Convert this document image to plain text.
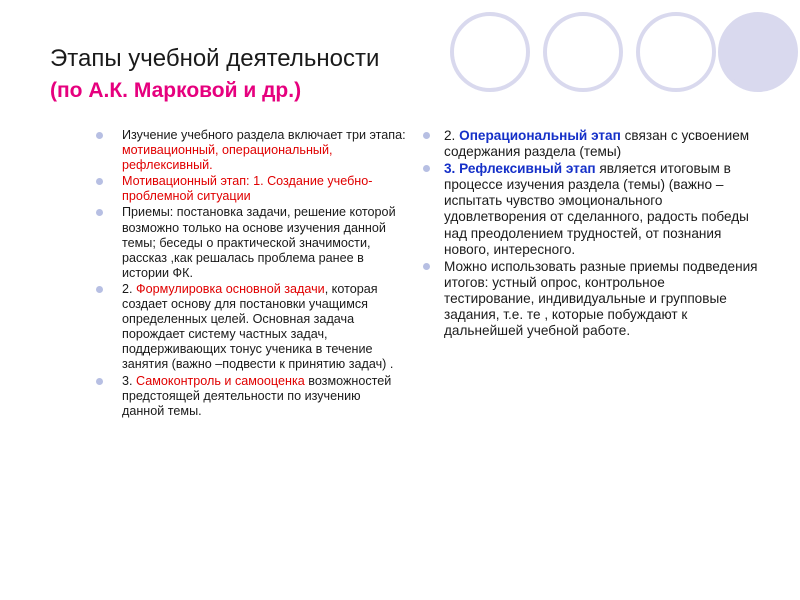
Этапы учебной деятельности
(по А.К. Марковой и др.)
Изучение учебного раздела включает три этапа: мотивационный, операциональный, рефлексивный.
Мотивационный этап: 1. Создание учебно-проблемной ситуации
Приемы: постановка задачи, решение которой возможно только на основе изучения данной темы; беседы о практической значимости, рассказ ,как решалась проблема ранее в истории ФК.
2. Формулировка основной задачи, которая создает основу для постановки учащимся определенных целей. Основная задача порождает систему частных задач, поддерживающих тонус ученика в течение занятия (важно –подвести к принятию задач) .
3. Самоконтроль и самооценка возможностей предстоящей деятельности по изучению данной темы.
2. Операциональный этап связан с усвоением содержания раздела (темы)
3. Рефлексивный этап является итоговым в процессе изучения раздела (темы) (важно – испытать чувство эмоционального удовлетворения от сделанного, радость победы над преодолением трудностей, от познания нового, интересного.
Можно использовать разные приемы подведения итогов: устный опрос, контрольное тестирование, индивидуальные и групповые задания, т.е. те , которые побуждают к дальнейшей учебной работе.
